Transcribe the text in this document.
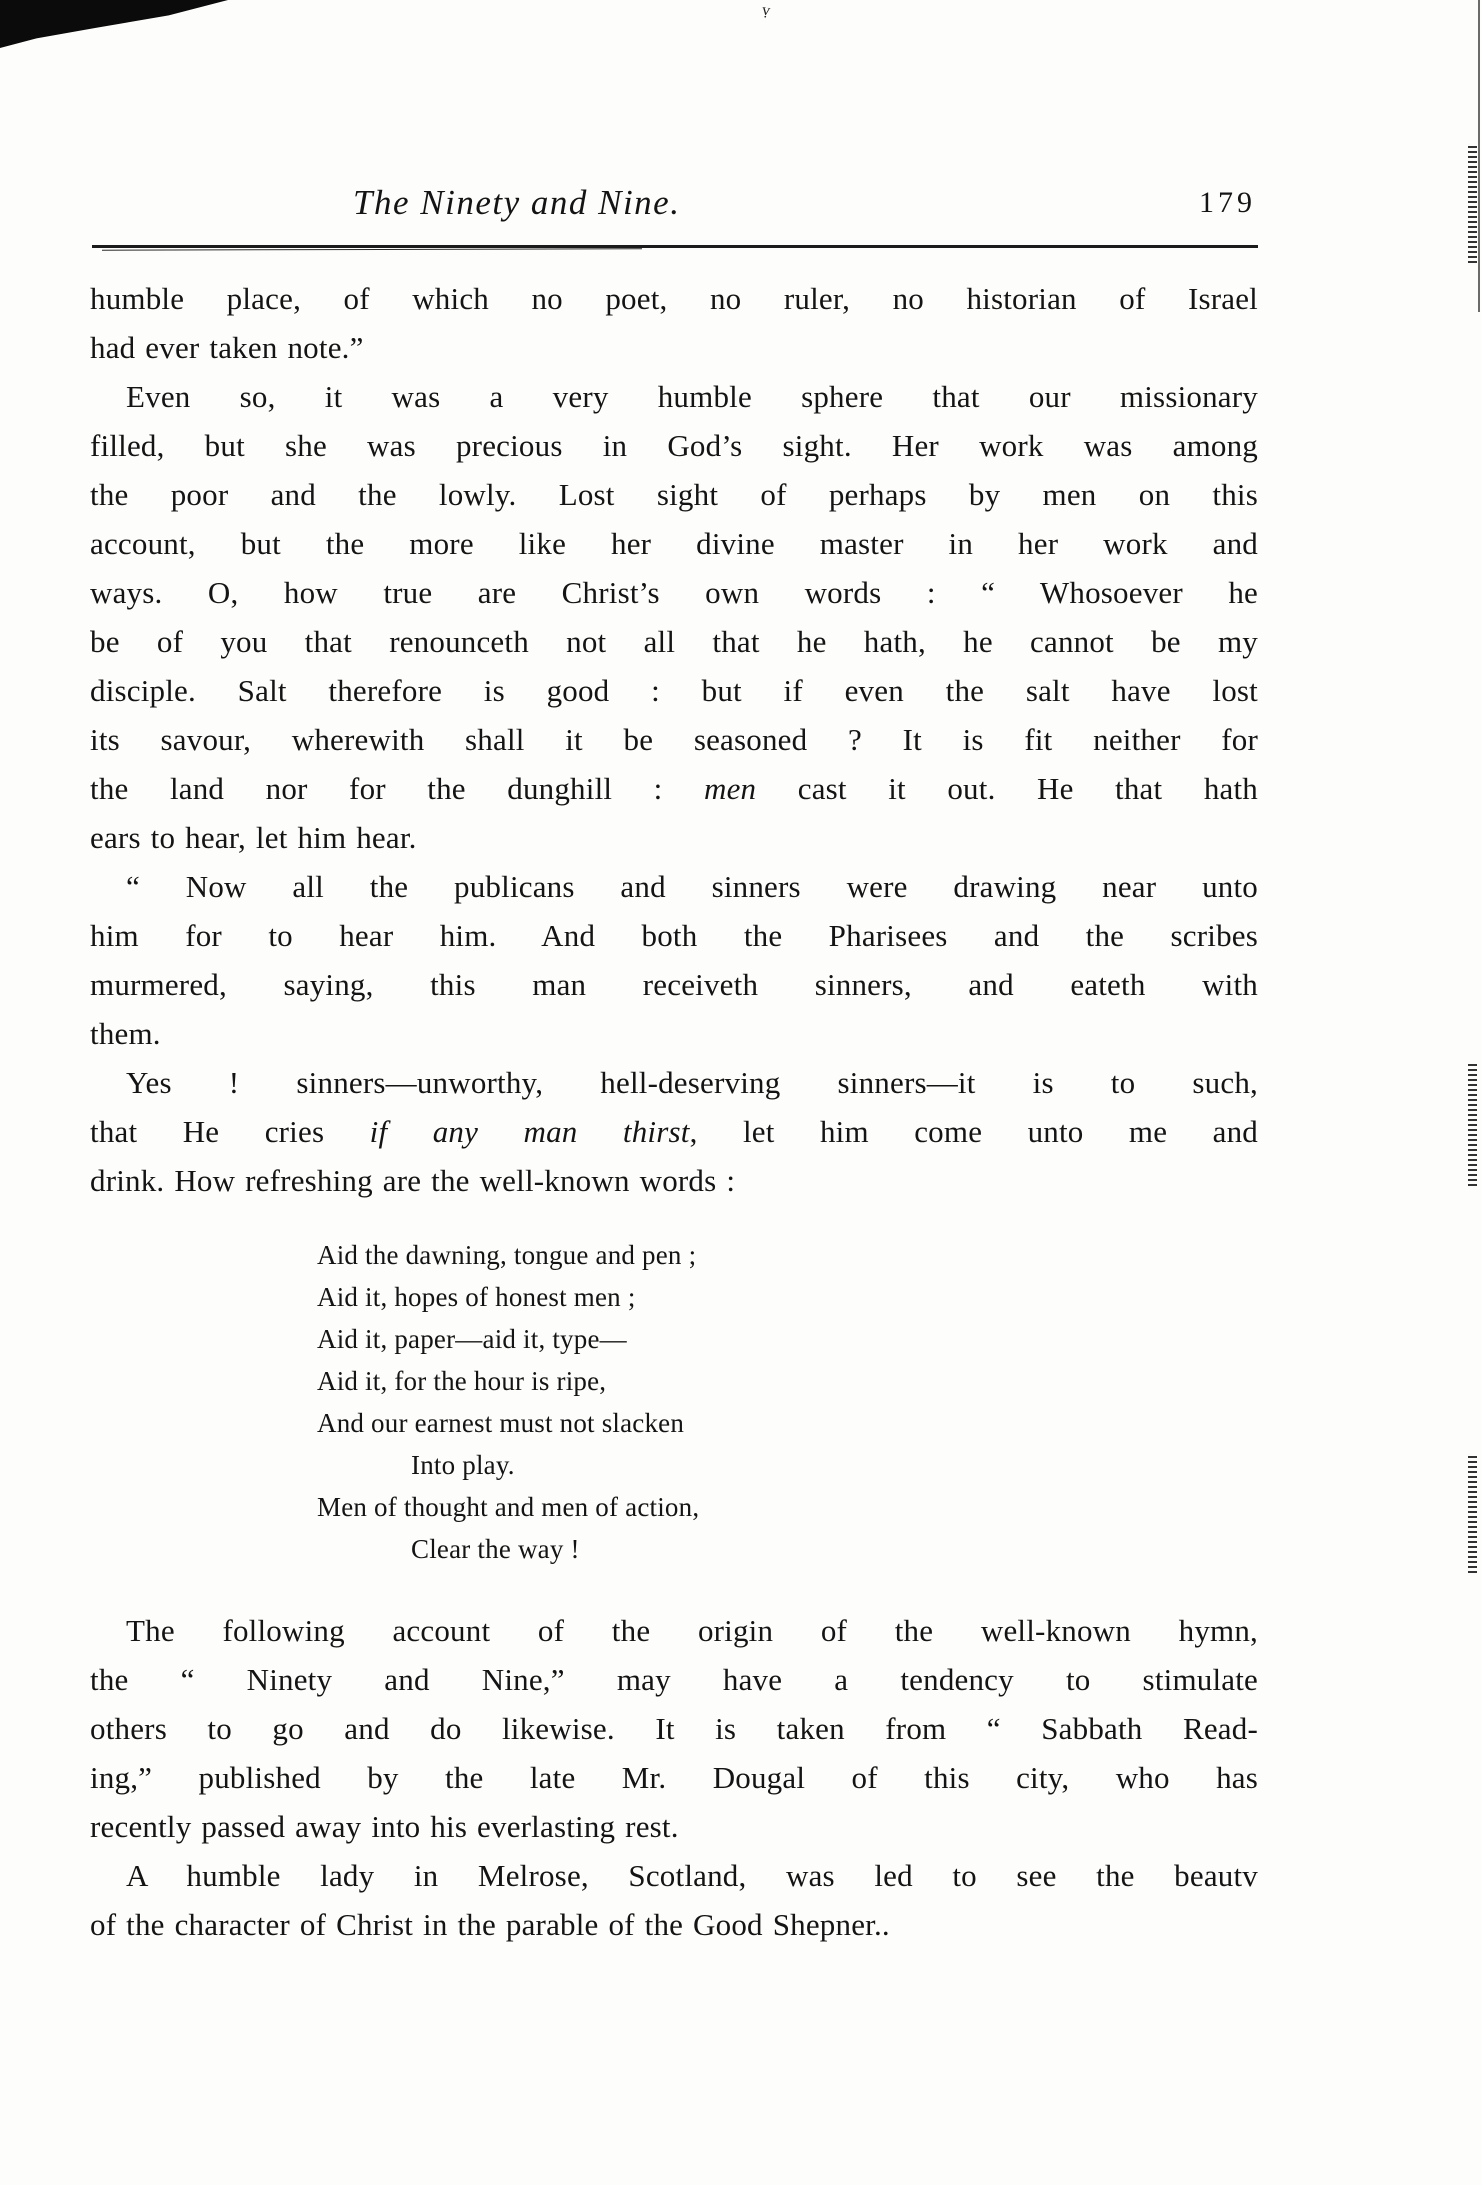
ṿ
The Ninety and Nine.	179
humble place, of which no poet, no ruler, no historian of Israel
had ever taken note.”
Even so, it was a very humble sphere that our missionary
filled, but she was precious in God’s sight. Her work was among
the poor and the lowly. Lost sight of perhaps by men on this
account, but the more like her divine master in her work and
ways. O, how true are Christ’s own words : “ Whosoever he
be of you that renounceth not all that he hath, he cannot be my
disciple. Salt therefore is good : but if even the salt have lost
its savour, wherewith shall it be seasoned ? It is fit neither for
the land nor for the dunghill : men cast it out. He that hath
ears to hear, let him hear.
“ Now all the publicans and sinners were drawing near unto
him for to hear him. And both the Pharisees and the scribes
murmered, saying, this man receiveth sinners, and eateth with
them.
Yes ! sinners—unworthy, hell-deserving sinners—it is to such,
that He cries if any man thirst, let him come unto me and
drink. How refreshing are the well-known words :
Aid the dawning, tongue and pen ;
Aid it, hopes of honest men ;
Aid it, paper—aid it, type—
Aid it, for the hour is ripe,
And our earnest must not slacken
Into play.
Men of thought and men of action,
Clear the way !
The following account of the origin of the well-known hymn,
the “ Ninety and Nine,” may have a tendency to stimulate
others to go and do likewise. It is taken from “ Sabbath Read-
ing,” published by the late Mr. Dougal of this city, who has
recently passed away into his everlasting rest.
A humble lady in Melrose, Scotland, was led to see the beautv
of the character of Christ in the parable of the Good Shepner..
